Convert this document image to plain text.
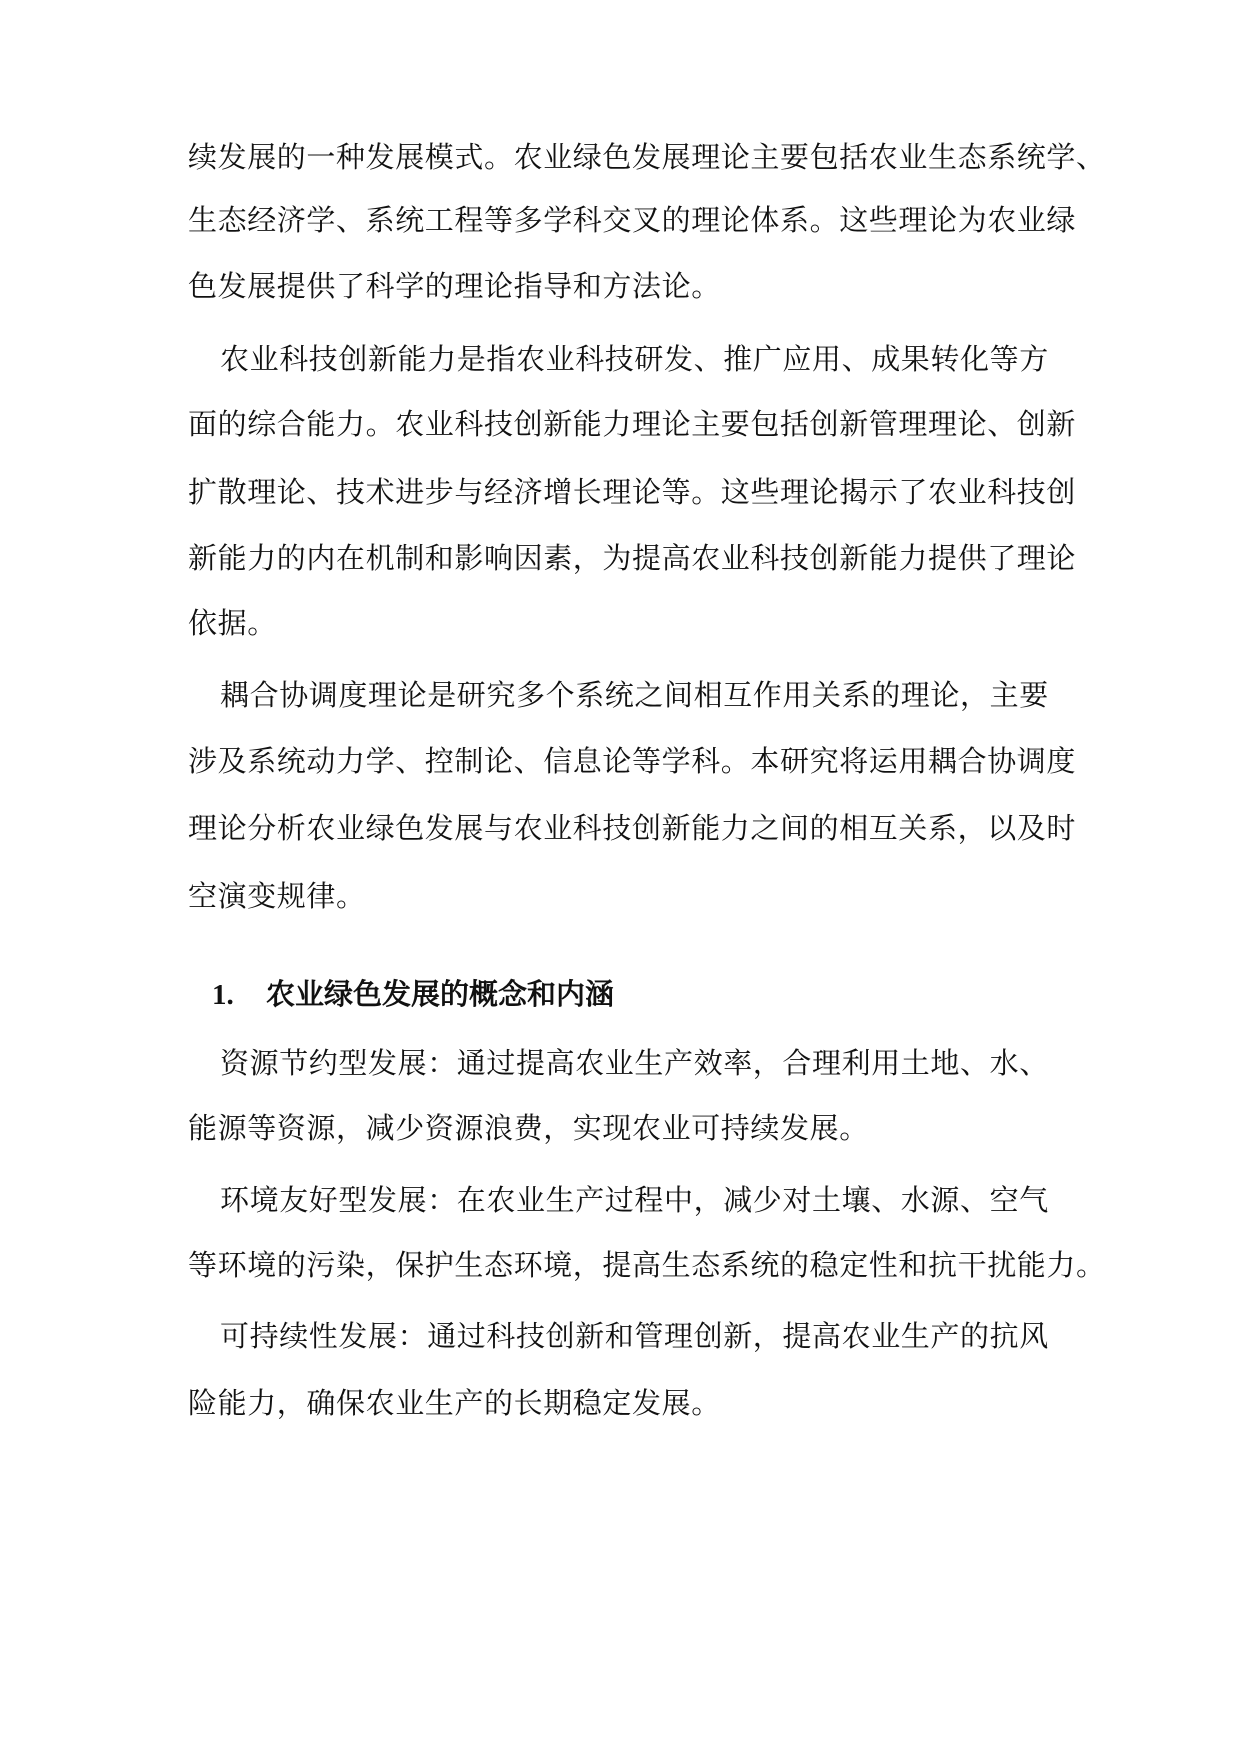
续发展的一种发展模式。农业绿色发展理论主要包括农业生态系统学、
生态经济学、系统工程等多学科交叉的理论体系。这些理论为农业绿
色发展提供了科学的理论指导和方法论。
农业科技创新能力是指农业科技研发、推广应用、成果转化等方
面的综合能力。农业科技创新能力理论主要包括创新管理理论、创新
扩散理论、技术进步与经济增长理论等。这些理论揭示了农业科技创
新能力的内在机制和影响因素，为提高农业科技创新能力提供了理论
依据。
耦合协调度理论是研究多个系统之间相互作用关系的理论，主要
涉及系统动力学、控制论、信息论等学科。本研究将运用耦合协调度
理论分析农业绿色发展与农业科技创新能力之间的相互关系，以及时
空演变规律。
1. 农业绿色发展的概念和内涵
资源节约型发展：通过提高农业生产效率，合理利用土地、水、
能源等资源，减少资源浪费，实现农业可持续发展。
环境友好型发展：在农业生产过程中，减少对土壤、水源、空气
等环境的污染，保护生态环境，提高生态系统的稳定性和抗干扰能力。
可持续性发展：通过科技创新和管理创新，提高农业生产的抗风
险能力，确保农业生产的长期稳定发展。
